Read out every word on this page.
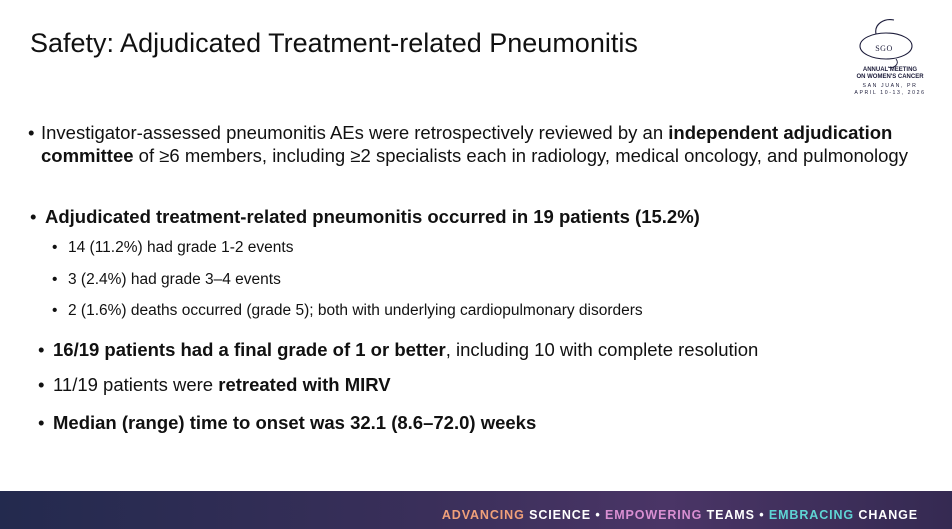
Safety: Adjudicated Treatment-related Pneumonitis	SGO
ANNUAL MEETING
ON WOMEN'S CANCER
SAN JUAN, PR
APRIL 10-13, 2026
• Investigator-assessed pneumonitis AEs were retrospectively reviewed by an independent adjudication committee of ≥6 members, including ≥2 specialists each in radiology, medical oncology, and pulmonology
• Adjudicated treatment-related pneumonitis occurred in 19 patients (15.2%)
• 14 (11.2%) had grade 1-2 events
• 3 (2.4%) had grade 3–4 events
• 2 (1.6%) deaths occurred (grade 5); both with underlying cardiopulmonary disorders
• 16/19 patients had a final grade of 1 or better, including 10 with complete resolution
• 11/19 patients were retreated with MIRV
• Median (range) time to onset was 32.1 (8.6–72.0) weeks
ADVANCING SCIENCE • EMPOWERING TEAMS • EMBRACING CHANGE
